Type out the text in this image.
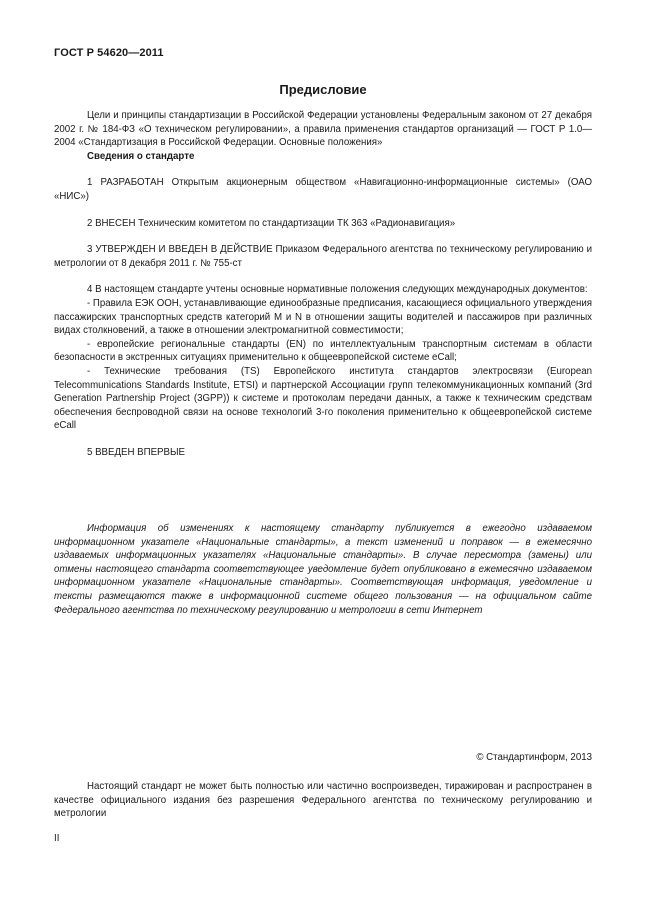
ГОСТ Р 54620—2011
Предисловие

Цели и принципы стандартизации в Российской Федерации установлены Федеральным законом от 27 декабря 2002 г. № 184-ФЗ «О техническом регулировании», а правила применения стандартов организаций — ГОСТ Р 1.0—2004 «Стандартизация в Российской Федерации. Основные положения»

Сведения о стандарте

1 РАЗРАБОТАН Открытым акционерным обществом «Навигационно-информационные системы» (ОАО «НИС»)

2 ВНЕСЕН Техническим комитетом по стандартизации ТК 363 «Радионавигация»

3 УТВЕРЖДЕН И ВВЕДЕН В ДЕЙСТВИЕ Приказом Федерального агентства по техническому регулированию и метрологии от 8 декабря 2011 г. № 755-ст

4 В настоящем стандарте учтены основные нормативные положения следующих международных документов:

- Правила ЕЭК ООН, устанавливающие единообразные предписания, касающиеся официального утверждения пассажирских транспортных средств категорий M и N в отношении защиты водителей и пассажиров при различных видах столкновений, а также в отношении электромагнитной совместимости;

- европейские региональные стандарты (EN) по интеллектуальным транспортным системам в области безопасности в экстренных ситуациях применительно к общеевропейской системе eCall;

- Технические требования (TS) Европейского института стандартов электросвязи (European Telecommunications Standards Institute, ETSI) и партнерской Ассоциации групп телекоммуникационных компаний (3rd Generation Partnership Project (3GPP)) к системе и протоколам передачи данных, а также к техническим средствам обеспечения беспроводной связи на основе технологий 3-го поколения применительно к общеевропейской системе eCall

5 ВВЕДЕН ВПЕРВЫЕ

Информация об изменениях к настоящему стандарту публикуется в ежегодно издаваемом информационном указателе «Национальные стандарты», а текст изменений и поправок — в ежемесячно издаваемых информационных указателях «Национальные стандарты». В случае пересмотра (замены) или отмены настоящего стандарта соответствующее уведомление будет опубликовано в ежемесячно издаваемом информационном указателе «Национальные стандарты». Соответствующая информация, уведомление и тексты размещаются также в информационной системе общего пользования — на официальном сайте Федерального агентства по техническому регулированию и метрологии в сети Интернет

© Стандартинформ, 2013

Настоящий стандарт не может быть полностью или частично воспроизведен, тиражирован и распространен в качестве официального издания без разрешения Федерального агентства по техническому регулированию и метрологии

II
